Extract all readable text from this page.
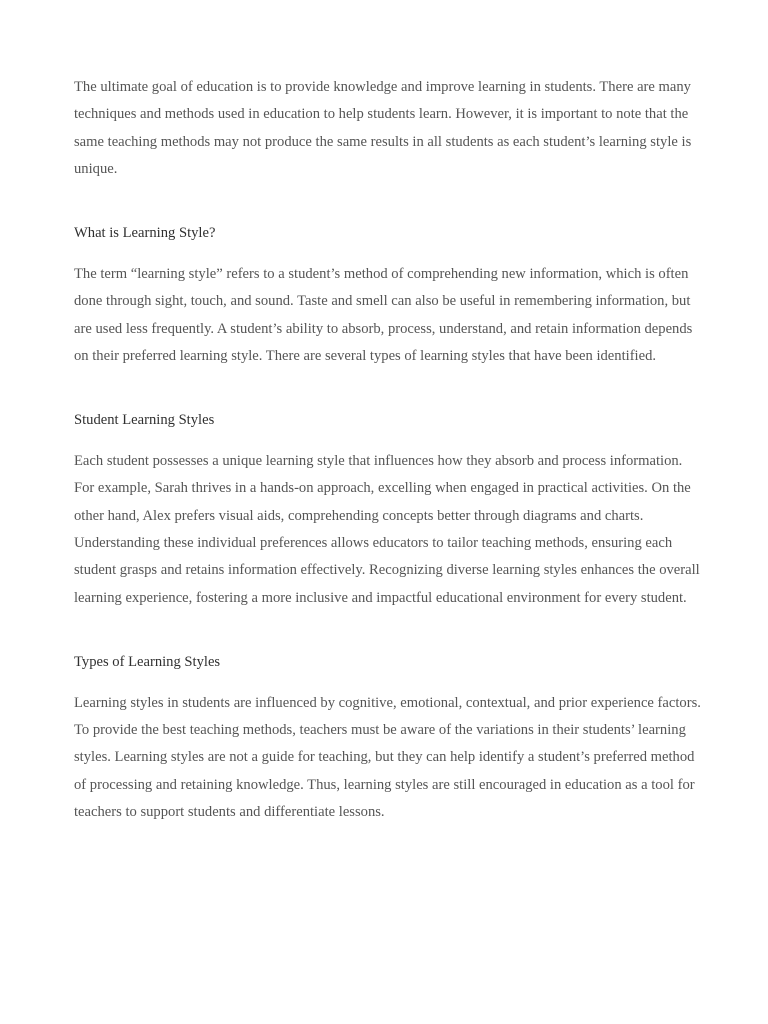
The ultimate goal of education is to provide knowledge and improve learning in students. There are many techniques and methods used in education to help students learn. However, it is important to note that the same teaching methods may not produce the same results in all students as each student’s learning style is unique.

What is Learning Style?

The term “learning style” refers to a student’s method of comprehending new information, which is often done through sight, touch, and sound. Taste and smell can also be useful in remembering information, but are used less frequently. A student’s ability to absorb, process, understand, and retain information depends on their preferred learning style. There are several types of learning styles that have been identified.

Student Learning Styles

Each student possesses a unique learning style that influences how they absorb and process information. For example, Sarah thrives in a hands-on approach, excelling when engaged in practical activities. On the other hand, Alex prefers visual aids, comprehending concepts better through diagrams and charts. Understanding these individual preferences allows educators to tailor teaching methods, ensuring each student grasps and retains information effectively. Recognizing diverse learning styles enhances the overall learning experience, fostering a more inclusive and impactful educational environment for every student.

Types of Learning Styles

Learning styles in students are influenced by cognitive, emotional, contextual, and prior experience factors. To provide the best teaching methods, teachers must be aware of the variations in their students’ learning styles. Learning styles are not a guide for teaching, but they can help identify a student’s preferred method of processing and retaining knowledge. Thus, learning styles are still encouraged in education as a tool for teachers to support students and differentiate lessons.
